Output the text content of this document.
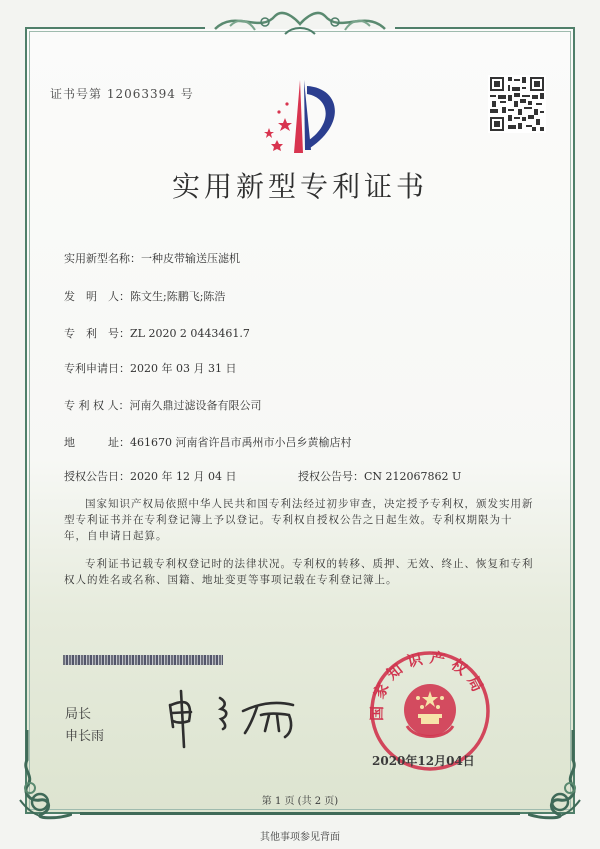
证书号第 12063394 号
实用新型专利证书
实用新型名称：一种皮带输送压滤机
发　明　人：陈文生;陈鹏飞;陈浩
专　利　号：ZL 2020 2 0443461.7
专利申请日：2020 年 03 月 31 日
专 利 权 人：河南久鼎过滤设备有限公司
地　　　址：461670 河南省许昌市禹州市小吕乡黄榆店村
授权公告日：2020 年 12 月 04 日	授权公告号：CN 212067862 U
国家知识产权局依照中华人民共和国专利法经过初步审查，决定授予专利权，颁发实用新型专利证书并在专利登记簿上予以登记。专利权自授权公告之日起生效。专利权期限为十年，自申请日起算。
专利证书记载专利权登记时的法律状况。专利权的转移、质押、无效、终止、恢复和专利权人的姓名或名称、国籍、地址变更等事项记载在专利登记簿上。
局长
申长雨
国家知识产权局
2020年12月04日
第 1 页 (共 2 页)
其他事项参见背面
